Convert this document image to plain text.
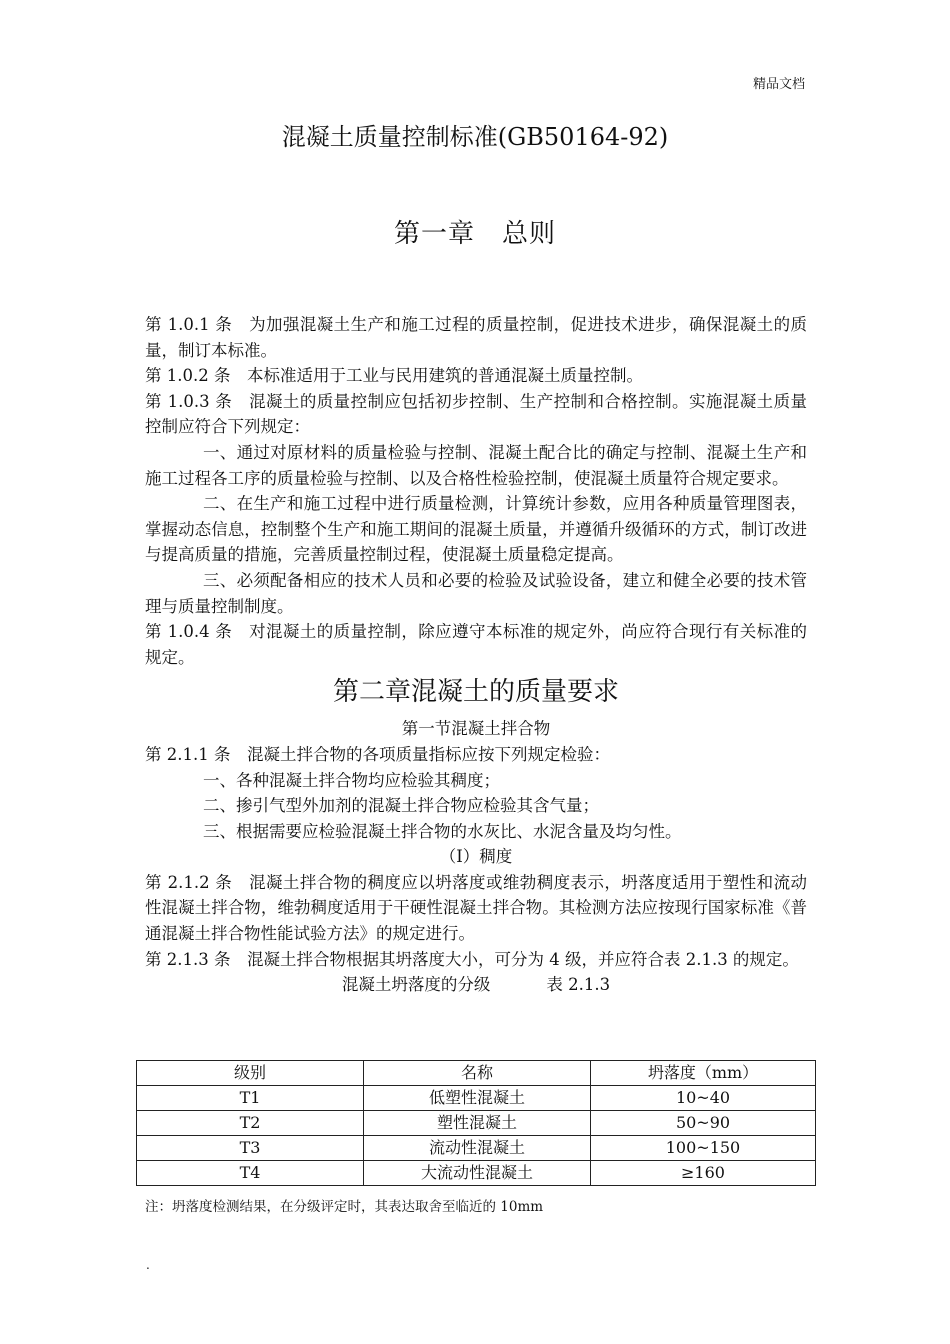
精品文档
混凝土质量控制标准(GB50164-92)
第一章　总则

第 1.0.1 条　为加强混凝土生产和施工过程的质量控制，促进技术进步，确保混凝土的质量，制订本标准。

第 1.0.2 条　本标准适用于工业与民用建筑的普通混凝土质量控制。

第 1.0.3 条　混凝土的质量控制应包括初步控制、生产控制和合格控制。实施混凝土质量控制应符合下列规定：

一、通过对原材料的质量检验与控制、混凝土配合比的确定与控制、混凝土生产和施工过程各工序的质量检验与控制、以及合格性检验控制，使混凝土质量符合规定要求。

二、在生产和施工过程中进行质量检测，计算统计参数，应用各种质量管理图表，掌握动态信息，控制整个生产和施工期间的混凝土质量，并遵循升级循环的方式，制订改进与提高质量的措施，完善质量控制过程，使混凝土质量稳定提高。

三、必须配备相应的技术人员和必要的检验及试验设备，建立和健全必要的技术管理与质量控制制度。

第 1.0.4 条　对混凝土的质量控制，除应遵守本标准的规定外，尚应符合现行有关标准的规定。

第二章混凝土的质量要求

第一节混凝土拌合物

第 2.1.1 条　混凝土拌合物的各项质量指标应按下列规定检验：

一、各种混凝土拌合物均应检验其稠度；

二、掺引气型外加剂的混凝土拌合物应检验其含气量；

三、根据需要应检验混凝土拌合物的水灰比、水泥含量及均匀性。

（Ⅰ）稠度

第 2.1.2 条　混凝土拌合物的稠度应以坍落度或维勃稠度表示，坍落度适用于塑性和流动性混凝土拌合物，维勃稠度适用于干硬性混凝土拌合物。其检测方法应按现行国家标准《普通混凝土拌合物性能试验方法》的规定进行。

第 2.1.3 条　混凝土拌合物根据其坍落度大小，可分为 4 级，并应符合表 2.1.3 的规定。

混凝土坍落度的分级	表 2.1.3

级别	名称	坍落度（mm）
T1	低塑性混凝土	10~40
T2	塑性混凝土	50~90
T3	流动性混凝土	100~150
T4	大流动性混凝土	≥160
注：坍落度检测结果，在分级评定时，其表达取舍至临近的 10mm
.
